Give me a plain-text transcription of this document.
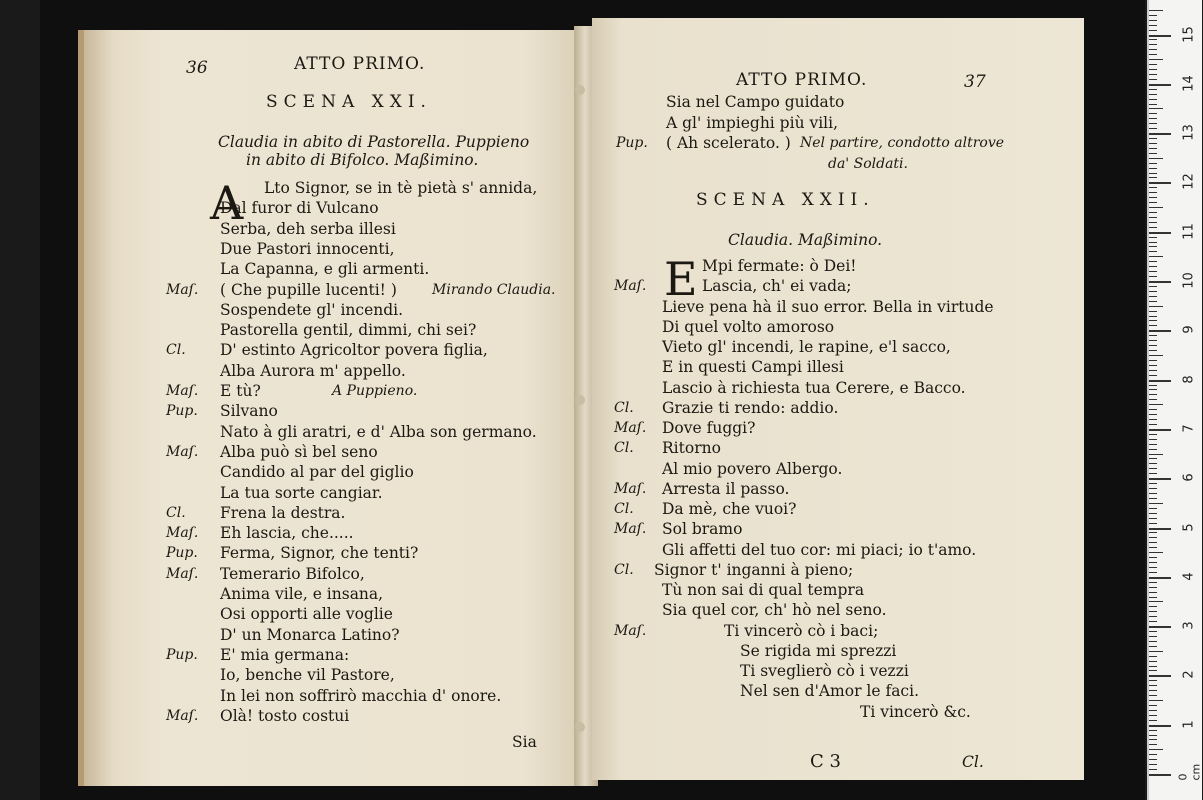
36	ATTO PRIMO.
SCENA XXI.
Claudia in abito di Pastorella. Puppieno
in abito di Bifolco. Maßimino.
A Lto Signor, se in tè pietà s' annida,
Dal furor di Vulcano
Serba, deh serba illesi
Due Pastori innocenti,
La Capanna, e gli armenti.
Maſ. ( Che pupille lucenti! )	Mirando Claudia.
Sospendete gl' incendi.
Pastorella gentil, dimmi, chi sei?
Cl. D' estinto Agricoltor povera figlia,
Alba Aurora m' appello.
Maſ. E tù?	A Puppieno.
Pup. Silvano
Nato à gli aratri, e d' Alba son germano.
Maſ. Alba può sì bel seno
Candido al par del giglio
La tua sorte cangiar.
Cl. Frena la destra.
Maſ. Eh lascia, che.....
Pup. Ferma, Signor, che tenti?
Maſ. Temerario Bifolco,
Anima vile, e insana,
Osi opporti alle voglie
D' un Monarca Latino?
Pup. E' mia germana:
Io, benche vil Pastore,
In lei non soffrirò macchia d' onore.
Maſ. Olà! tosto costui
Sia
ATTO PRIMO.	37
Sia nel Campo guidato
A gl' impieghi più vili,
Pup. ( Ah scelerato. ) Nel partire, condotto altrove
da' Soldati.
SCENA XXII.
Claudia. Maßimino.
E Mpi fermate: ò Dei!
Maſ.	Lascia, ch' ei vada;
Lieve pena hà il suo error. Bella in virtude
Di quel volto amoroso
Vieto gl' incendi, le rapine, e'l sacco,
E in questi Campi illesi
Lascio à richiesta tua Cerere, e Bacco.
Cl. Grazie ti rendo: addio.
Maſ. Dove fuggi?
Cl. Ritorno
Al mio povero Albergo.
Maſ. Arresta il passo.
Cl. Da mè, che vuoi?
Maſ. Sol bramo
Gli affetti del tuo cor: mi piaci; io t'amo.
Cl. Signor t' inganni à pieno;
Tù non sai di qual tempra
Sia quel cor, ch' hò nel seno.
Maſ.	Ti vincerò cò i baci;
Se rigida mi sprezzi
Ti sveglierò cò i vezzi
Nel sen d'Amor le faci.
Ti vincerò &c.
C 3	Cl.
15
14
13
12
11
10
9
8
7
6
5
4
3
2
1
0 cm
